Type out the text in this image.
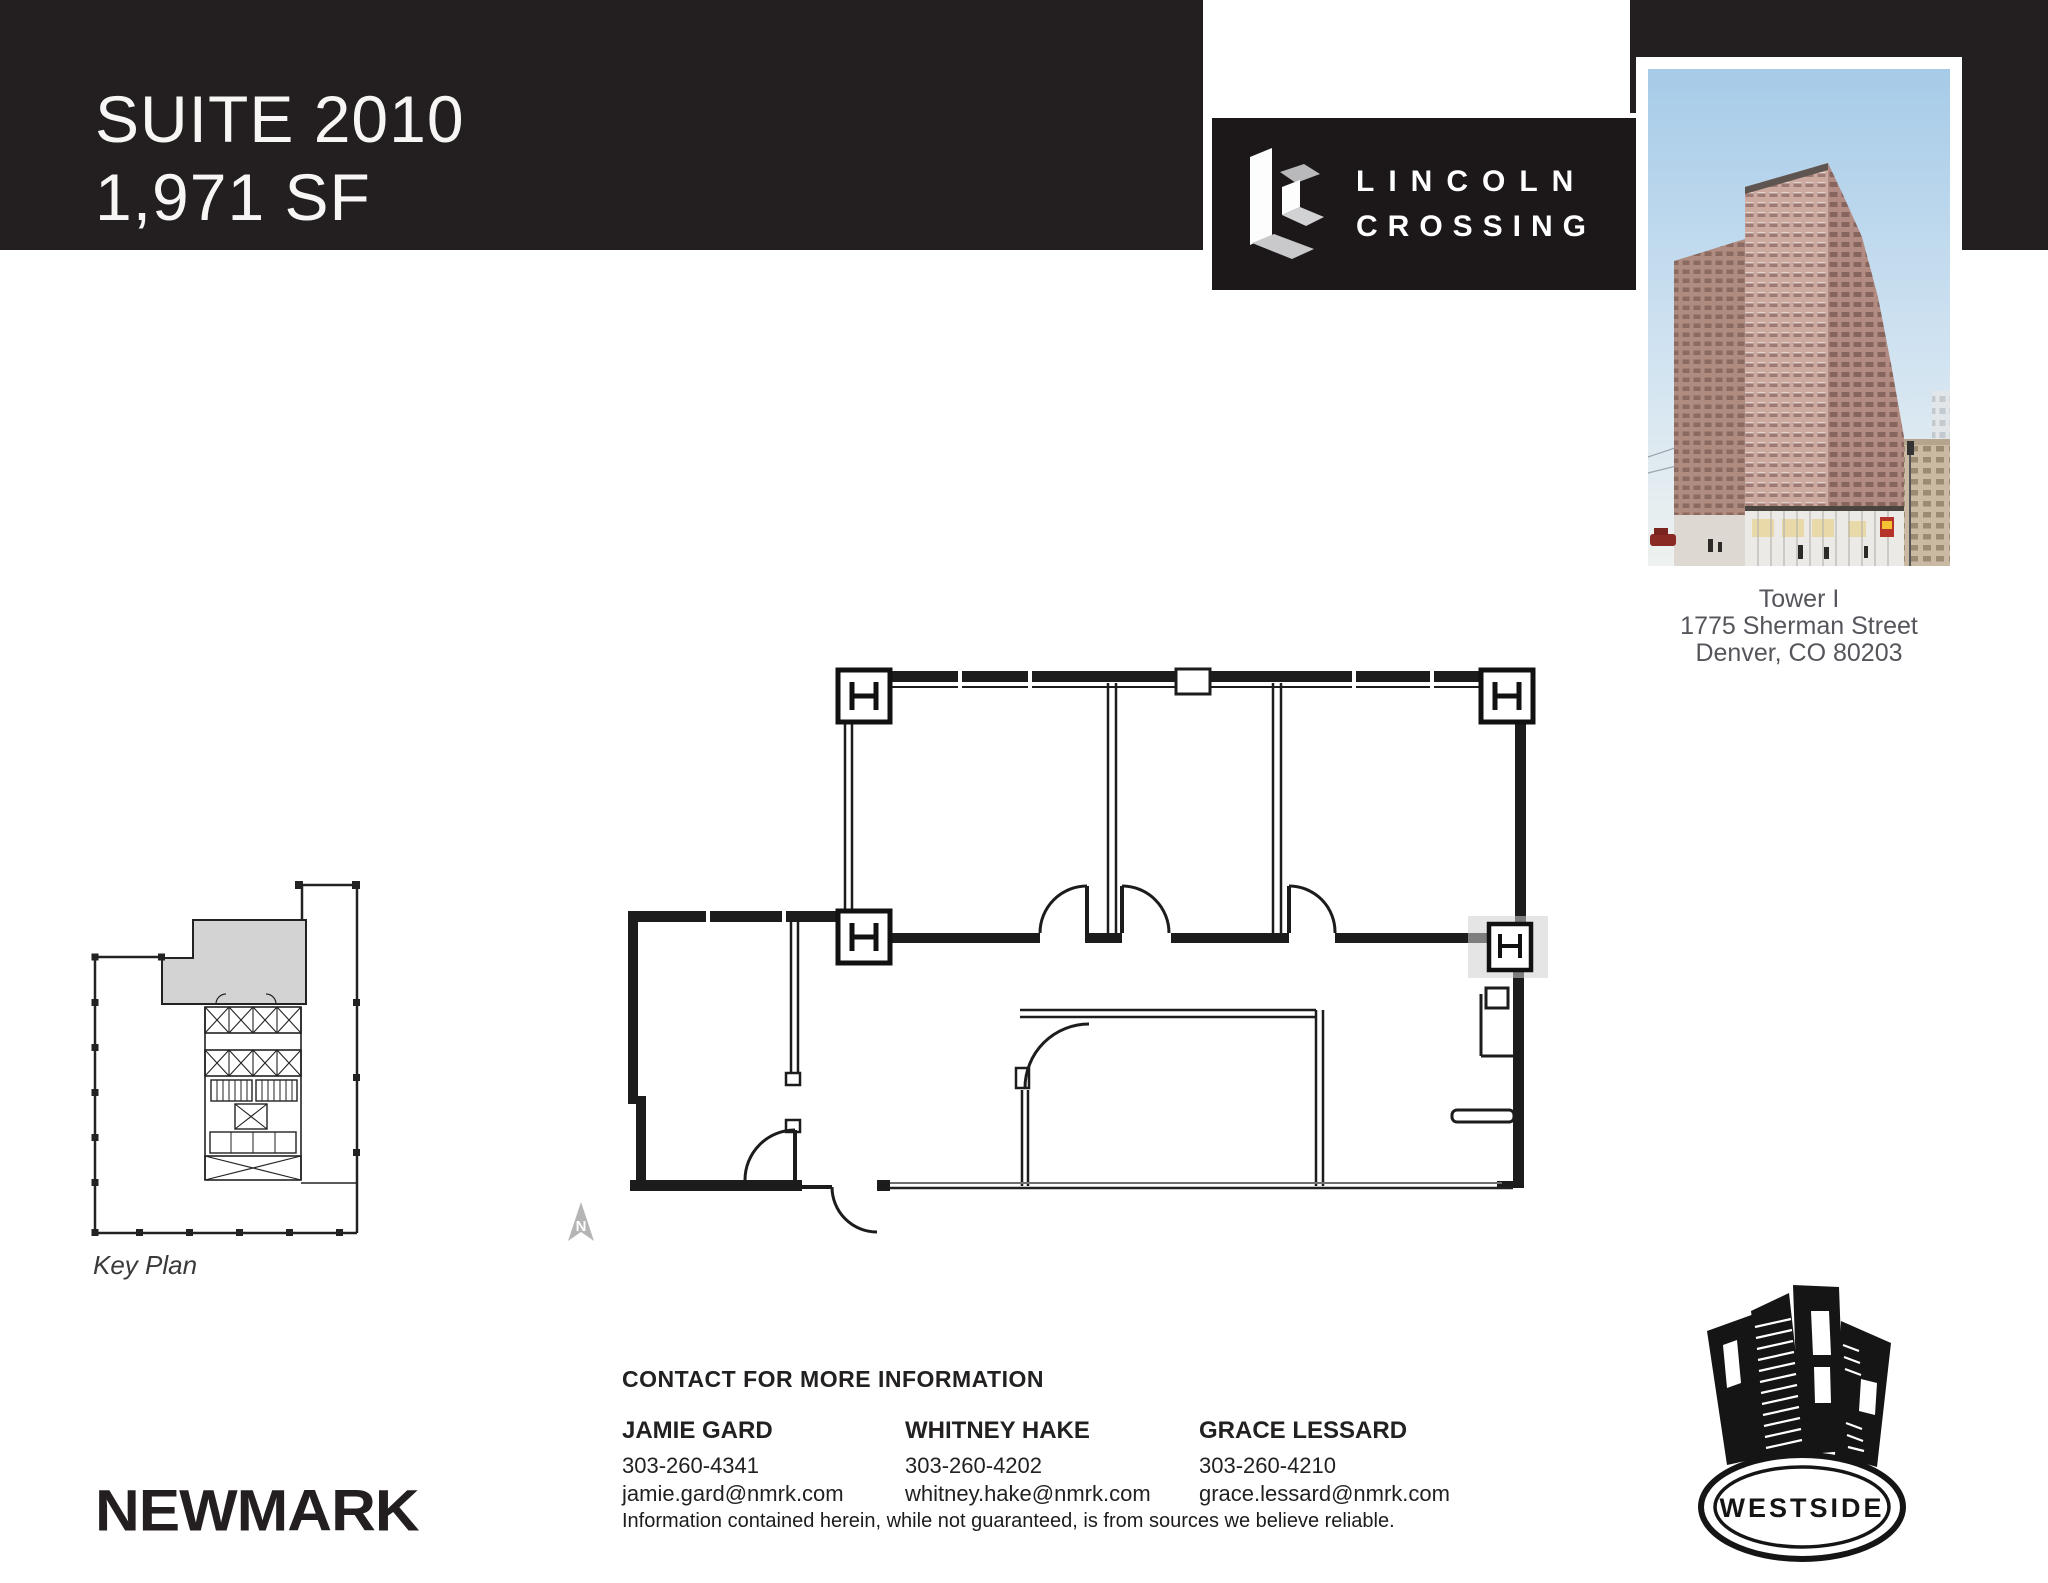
SUITE 2010
1,971 SF	LINCOLN
CROSSING
Tower I
1775 Sherman Street
Denver, CO 80203
Key Plan
N
CONTACT FOR MORE INFORMATION
JAMIE GARD
303-260-4341
jamie.gard@nmrk.com
WHITNEY HAKE
303-260-4202
whitney.hake@nmrk.com
GRACE LESSARD
303-260-4210
grace.lessard@nmrk.com
Information contained herein, while not guaranteed, is from sources we believe reliable.
NEWMARK	WESTSIDE
